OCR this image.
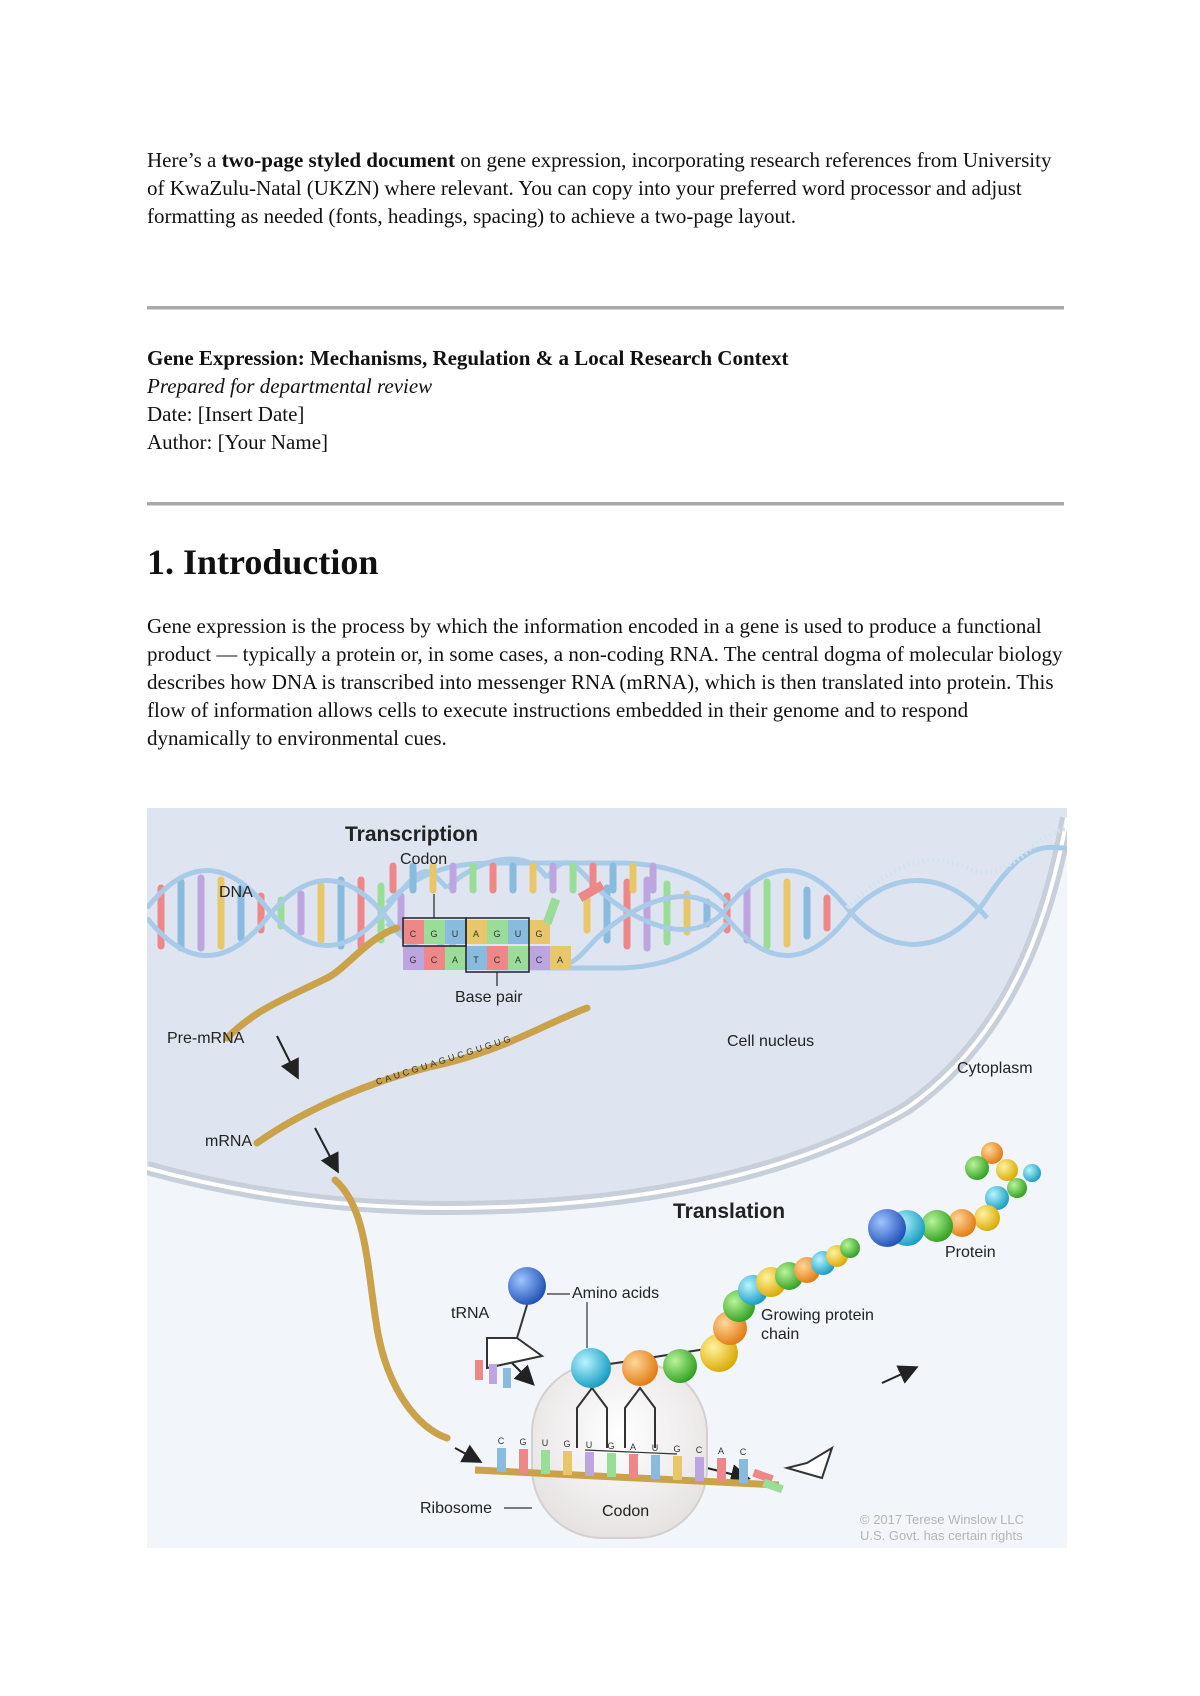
Here’s a two-page styled document on gene expression, incorporating research references from University of KwaZulu-Natal (UKZN) where relevant. You can copy into your preferred word processor and adjust formatting as needed (fonts, headings, spacing) to achieve a two-page layout.

Gene Expression: Mechanisms, Regulation & a Local Research Context
Prepared for departmental review
Date: [Insert Date]
Author: [Your Name]
1. Introduction

Gene expression is the process by which the information encoded in a gene is used to produce a functional product — typically a protein or, in some cases, a non-coding RNA. The central dogma of molecular biology describes how DNA is transcribed into messenger RNA (mRNA), which is then translated into protein. This flow of information allows cells to execute instructions embedded in their genome and to respond dynamically to environmental cues.

C G U A G U G
G C A T C A C A
CAUCGUAGUCGUGUG
C G U G U G A U G C A C
Transcription
Codon
DNA
Base pair
Pre-mRNA
mRNA
Cell nucleus
Cytoplasm
Translation
Protein
tRNA
Amino acids
Growing protein
chain
Ribosome	Codon	© 2017 Terese Winslow LLC
U.S. Govt. has certain rights
